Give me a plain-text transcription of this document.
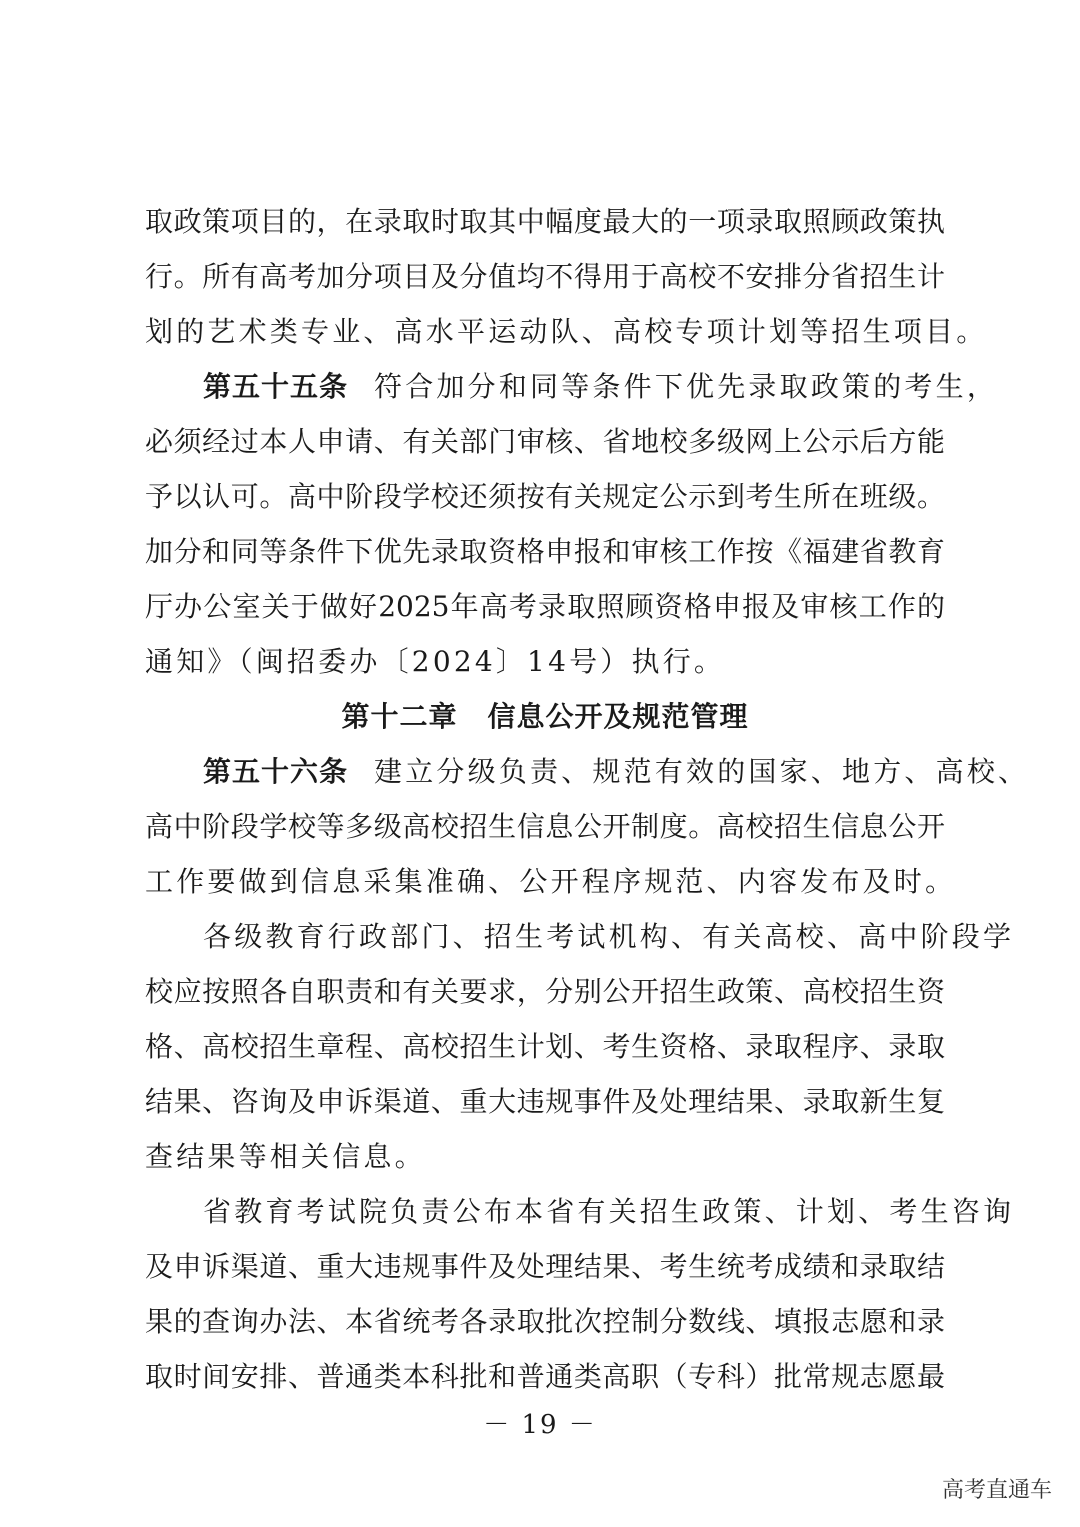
取政策项目的，在录取时取其中幅度最大的一项录取照顾政策执
行。所有高考加分项目及分值均不得用于高校不安排分省招生计
划的艺术类专业、高水平运动队、高校专项计划等招生项目。
第五十五条 符合加分和同等条件下优先录取政策的考生，
必须经过本人申请、有关部门审核、省地校多级网上公示后方能
予以认可。高中阶段学校还须按有关规定公示到考生所在班级。
加分和同等条件下优先录取资格申报和审核工作按《福建省教育
厅办公室关于做好2025年高考录取照顾资格申报及审核工作的
通知》（闽招委办〔2024〕14号）执行。
第十二章 信息公开及规范管理
第五十六条 建立分级负责、规范有效的国家、地方、高校、
高中阶段学校等多级高校招生信息公开制度。高校招生信息公开
工作要做到信息采集准确、公开程序规范、内容发布及时。
各级教育行政部门、招生考试机构、有关高校、高中阶段学
校应按照各自职责和有关要求，分别公开招生政策、高校招生资
格、高校招生章程、高校招生计划、考生资格、录取程序、录取
结果、咨询及申诉渠道、重大违规事件及处理结果、录取新生复
查结果等相关信息。
省教育考试院负责公布本省有关招生政策、计划、考生咨询
及申诉渠道、重大违规事件及处理结果、考生统考成绩和录取结
果的查询办法、本省统考各录取批次控制分数线、填报志愿和录
取时间安排、普通类本科批和普通类高职（专科）批常规志愿最
－ 19 －
高考直通车
